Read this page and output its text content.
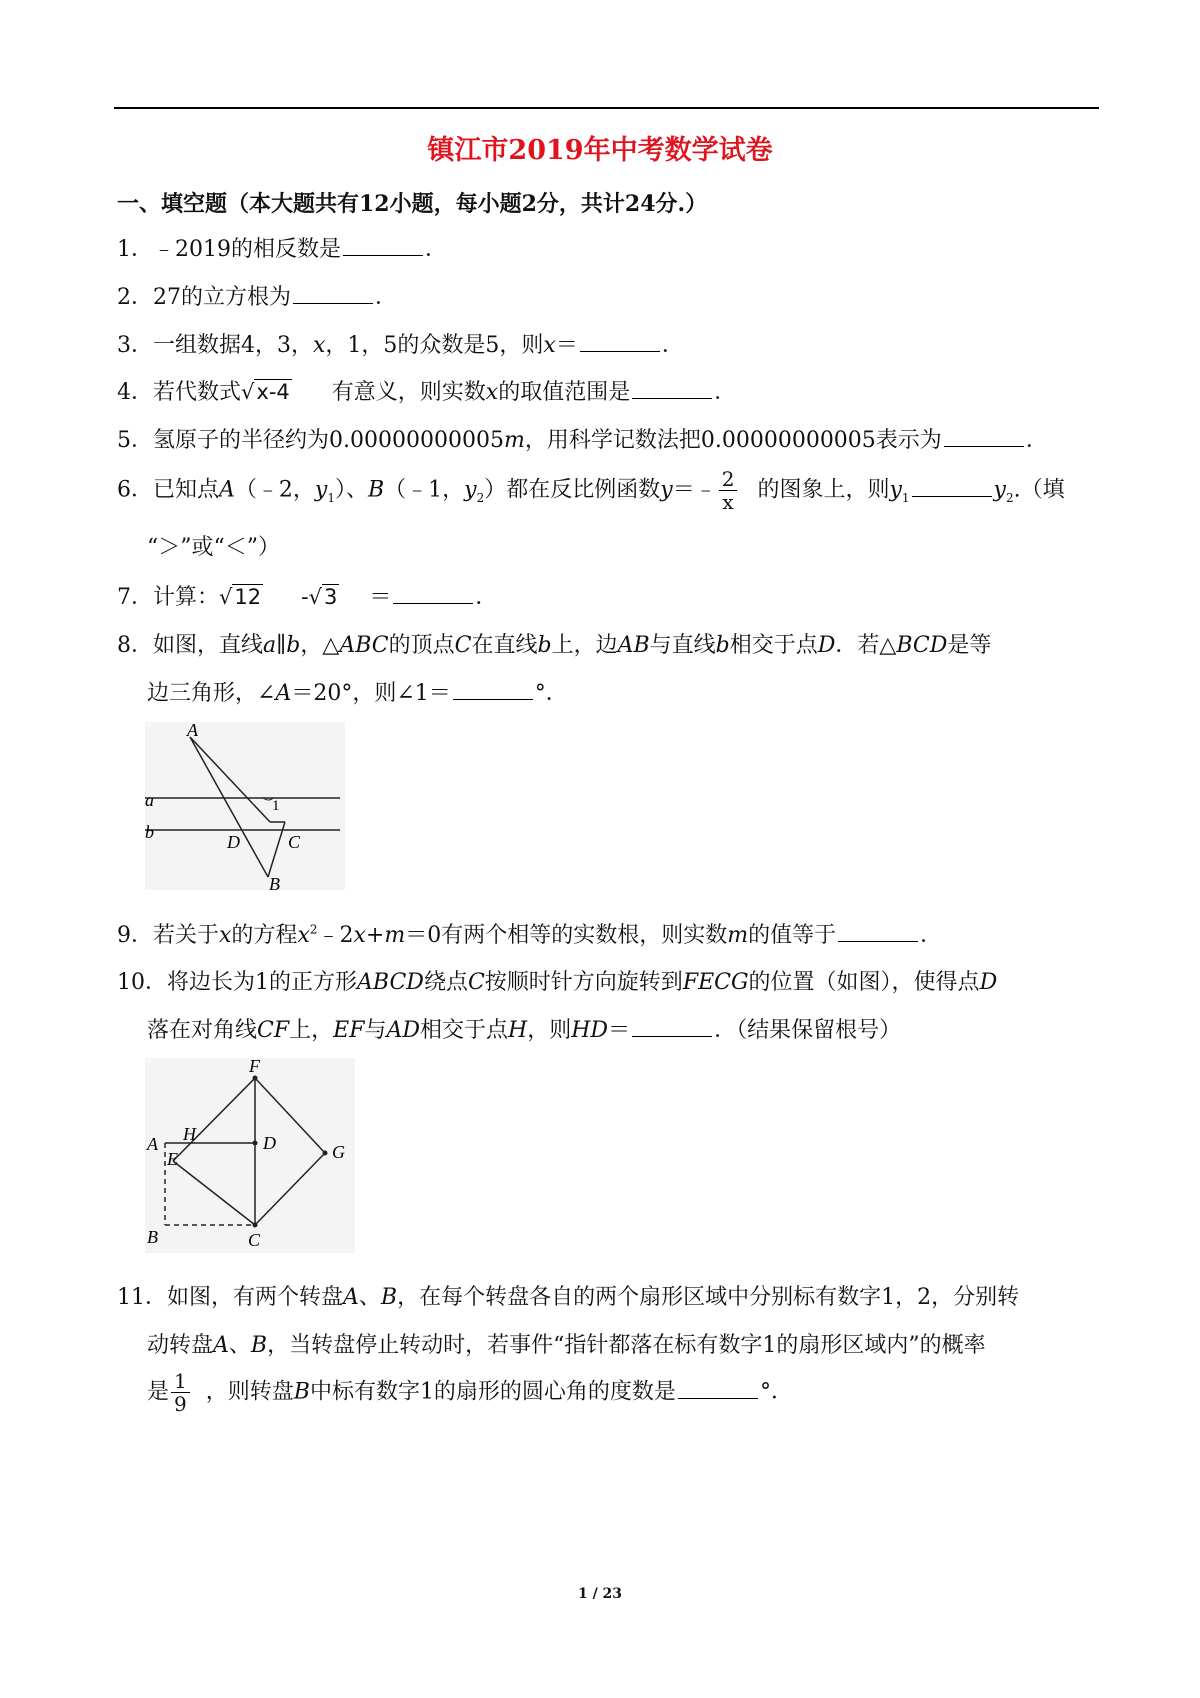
镇江市2019年中考数学试卷
一、填空题（本大题共有12小题，每小题2分，共计24分.）
1．﹣2019的相反数是	．
2．27的立方根为	．
3．一组数据4，3，x，1，5的众数是5，则x＝	．
4．若代数式√x-4 有意义，则实数x的取值范围是	．
5．氢原子的半径约为0.00000000005m，用科学记数法把0.00000000005表示为	．
6．已知点A（﹣2，$y_1$）、B（﹣1，$y_2$）都在反比例函数y＝﹣ $\frac{2}{x}$ 的图象上，则$y_1$	$y_2$.（填
“＞”或“＜”）
7．计算：√12 -√3 ＝	．
8．如图，直线a∥b，△ABC的顶点C在直线b上，边AB与直线b相交于点D．若△BCD是等
边三角形，∠A＝20°，则∠1＝	°．
A
a
b
1
D	C
B
9．若关于x的方程$x^2﹣2x+m=0$有两个相等的实数根，则实数m的值等于	．
10．将边长为1的正方形ABCD绕点C按顺时针方向旋转到FECG的位置（如图），使得点D
落在对角线CF上，EF与AD相交于点H，则HD＝	．（结果保留根号）
F
H
A	D
E	G
B	C
11．如图，有两个转盘A、B，在每个转盘各自的两个扇形区域中分别标有数字1，2，分别转
动转盘A、B，当转盘停止转动时，若事件“指针都落在标有数字1的扇形区域内”的概率
是 $\frac{1}{9}$ ，则转盘B中标有数字1的扇形的圆心角的度数是	°．
1 / 23
